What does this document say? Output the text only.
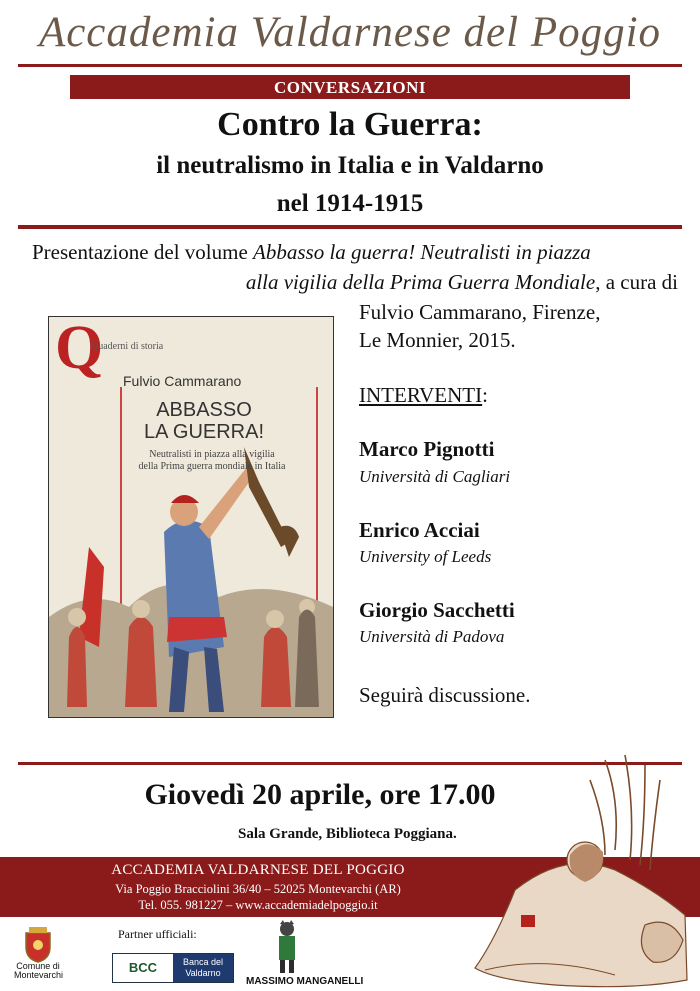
Accademia Valdarnese del Poggio
CONVERSAZIONI
Contro la Guerra:
il neutralismo in Italia e in Valdarno
nel 1914-1915
Presentazione del volume Abbasso la guerra! Neutralisti in piazza
alla vigilia della Prima Guerra Mondiale, a cura di
Fulvio Cammarano, Firenze,
Le Monnier, 2015.
Q
Quaderni di storia
Fulvio Cammarano
ABBASSO
LA GUERRA!
Neutralisti in piazza alla vigilia
della Prima guerra mondiale in Italia
INTERVENTI:
Marco Pignotti
Università di Cagliari
Enrico Acciai
University of Leeds
Giorgio Sacchetti
Università di Padova
Seguirà discussione.
Giovedì 20 aprile, ore 17.00
Sala Grande, Biblioteca Poggiana.
ACCADEMIA VALDARNESE DEL POGGIO
Via Poggio Bracciolini 36/40 – 52025 Montevarchi (AR)
Tel. 055. 981227 – www.accademiadelpoggio.it
Partner ufficiali:
Comune di
Montevarchi	BCC	Banca del
Valdarno
MASSIMO MANGANELLI
